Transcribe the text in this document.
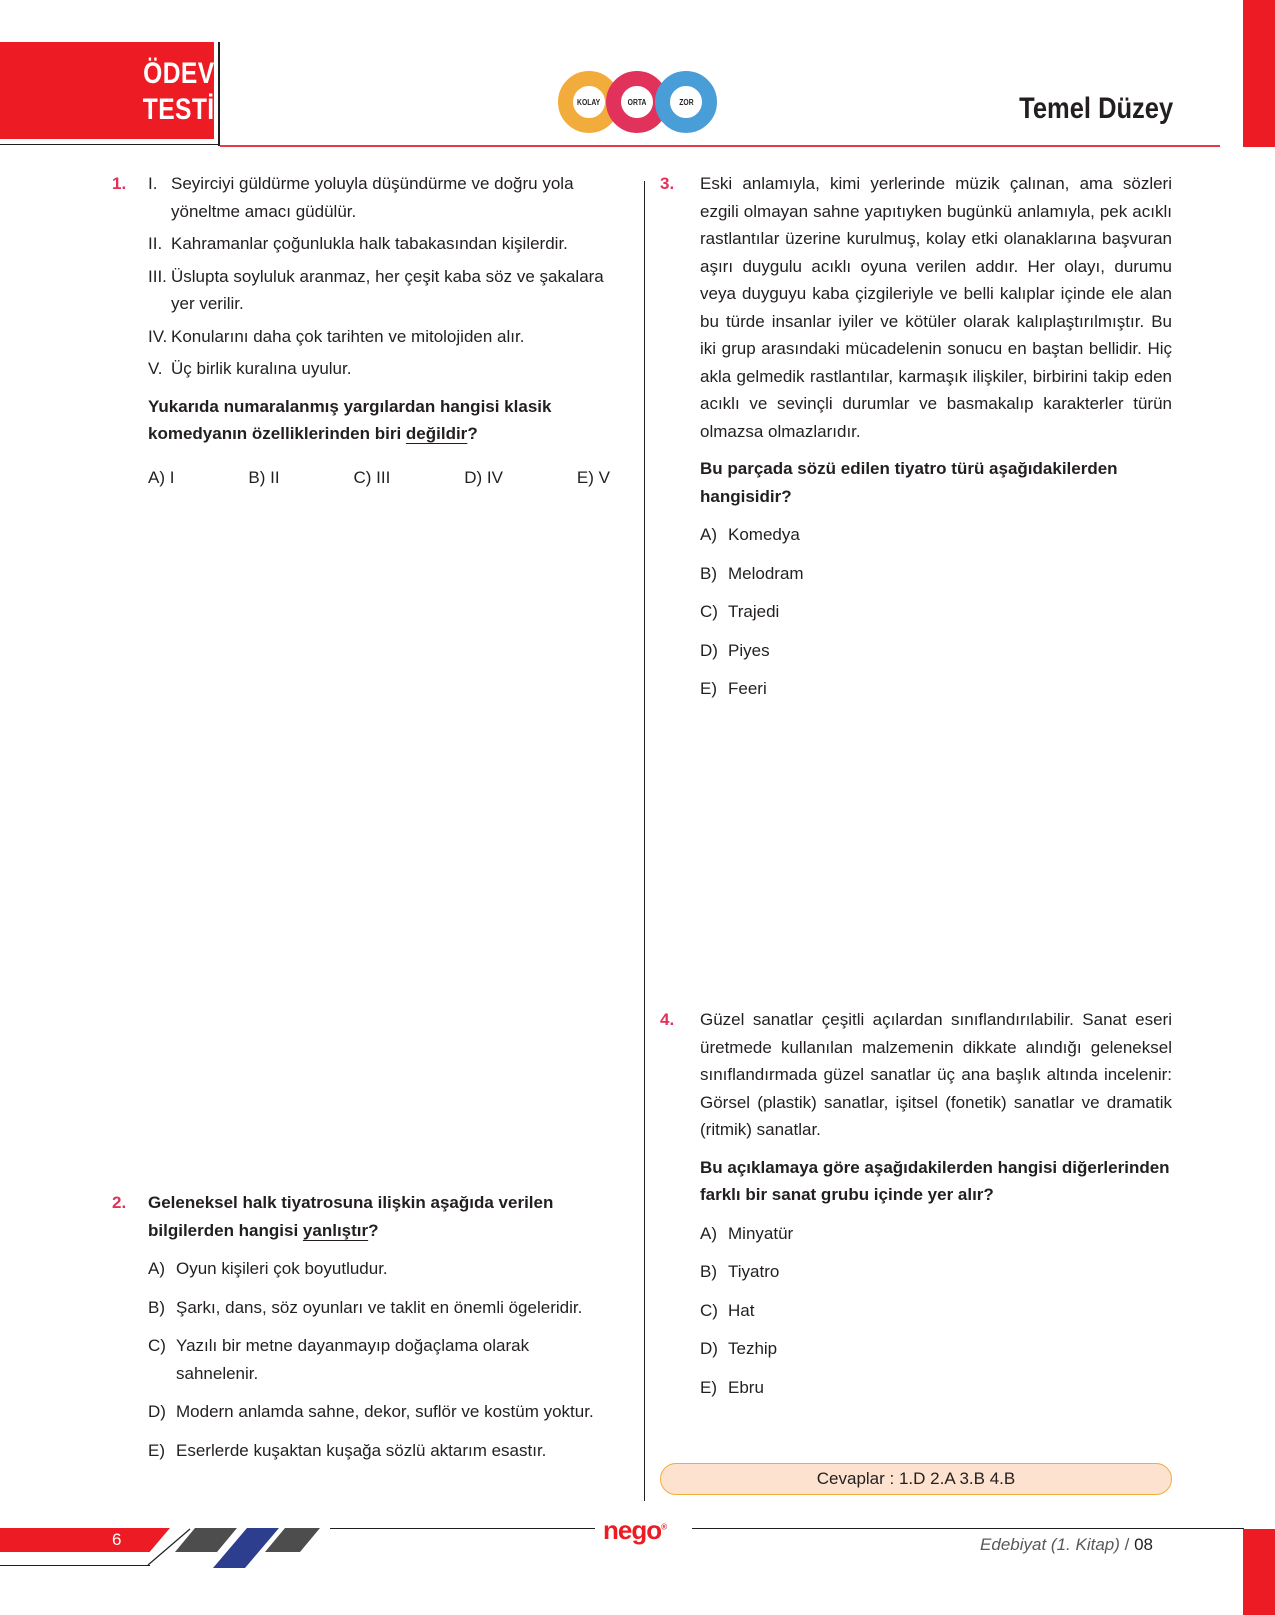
ÖDEV
TESTİ	KOLAY	ORTA	ZOR	Temel Düzey
1. I. Seyirciyi güldürme yoluyla düşündürme ve doğru yola yöneltme amacı güdülür.
II. Kahramanlar çoğunlukla halk tabakasından kişilerdir.
III. Üslupta soyluluk aranmaz, her çeşit kaba söz ve şakalara yer verilir.
IV. Konularını daha çok tarihten ve mitolojiden alır.
V. Üç birlik kuralına uyulur.
Yukarıda numaralanmış yargılardan hangisi klasik komedyanın özelliklerinden biri değildir?
A) I	B) II	C) III	D) IV	E) V
2. Geleneksel halk tiyatrosuna ilişkin aşağıda verilen bilgilerden hangisi yanlıştır?
A) Oyun kişileri çok boyutludur.
B) Şarkı, dans, söz oyunları ve taklit en önemli ögeleridir.
C) Yazılı bir metne dayanmayıp doğaçlama olarak sahnelenir.
D) Modern anlamda sahne, dekor, suflör ve kostüm yoktur.
E) Eserlerde kuşaktan kuşağa sözlü aktarım esastır.
3. Eski anlamıyla, kimi yerlerinde müzik çalınan, ama sözleri ezgili olmayan sahne yapıtıyken bugünkü anlamıyla, pek acıklı rastlantılar üzerine kurulmuş, kolay etki olanaklarına başvuran aşırı duygulu acıklı oyuna verilen addır. Her olayı, durumu veya duyguyu kaba çizgileriyle ve belli kalıplar içinde ele alan bu türde insanlar iyiler ve kötüler olarak kalıplaştırılmıştır. Bu iki grup arasındaki mücadelenin sonucu en baştan bellidir. Hiç akla gelmedik rastlantılar, karmaşık ilişkiler, birbirini takip eden acıklı ve sevinçli durumlar ve basmakalıp karakterler türün olmazsa olmazlarıdır.
Bu parçada sözü edilen tiyatro türü aşağıdakilerden hangisidir?
A) Komedya
B) Melodram
C) Trajedi
D) Piyes
E) Feeri
4. Güzel sanatlar çeşitli açılardan sınıflandırılabilir. Sanat eseri üretmede kullanılan malzemenin dikkate alındığı geleneksel sınıflandırmada güzel sanatlar üç ana başlık altında incelenir: Görsel (plastik) sanatlar, işitsel (fonetik) sanatlar ve dramatik (ritmik) sanatlar.
Bu açıklamaya göre aşağıdakilerden hangisi diğerlerinden farklı bir sanat grubu içinde yer alır?
A) Minyatür
B) Tiyatro
C) Hat
D) Tezhip
E) Ebru
Cevaplar : 1.D 2.A 3.B 4.B
6	nego®
Edebiyat (1. Kitap) / 08
